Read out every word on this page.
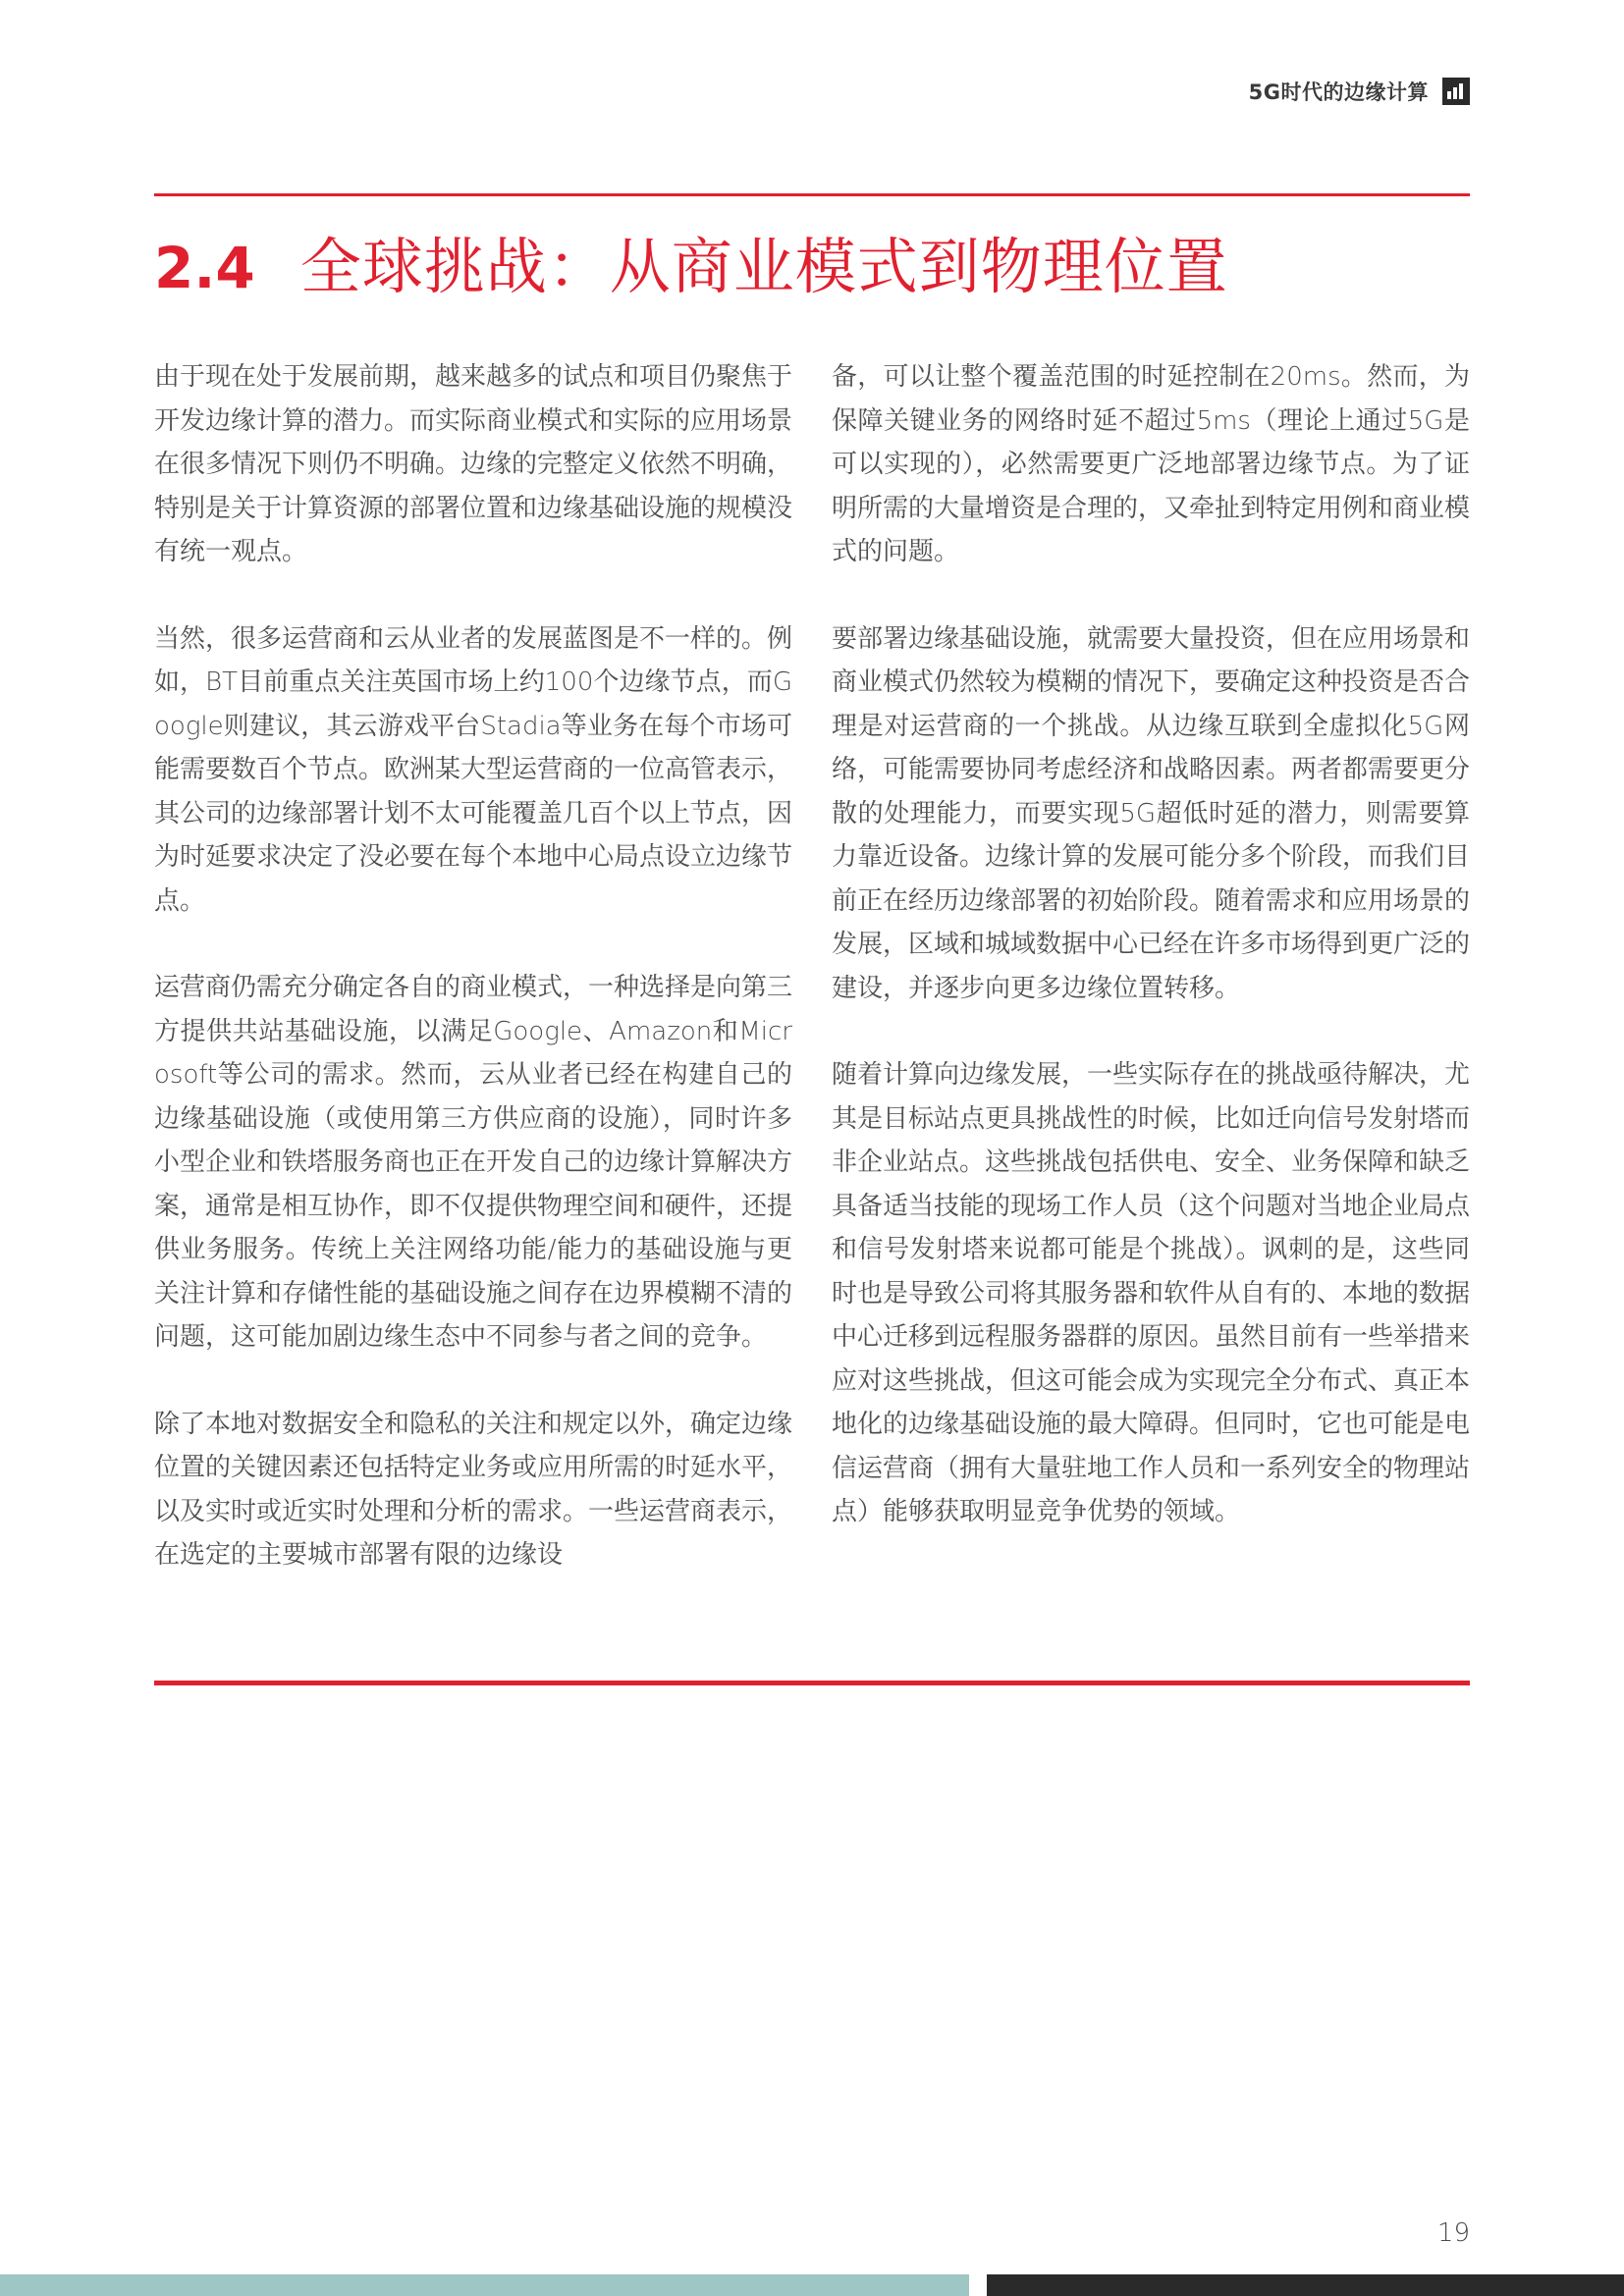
5G时代的边缘计算
2.4 全球挑战：从商业模式到物理位置

由于现在处于发展前期，越来越多的试点和项目仍聚焦于开发边缘计算的潜力。而实际商业模式和实际的应用场景在很多情况下则仍不明确。边缘的完整定义依然不明确，特别是关于计算资源的部署位置和边缘基础设施的规模没有统一观点。

当然，很多运营商和云从业者的发展蓝图是不一样的。例如，BT目前重点关注英国市场上约100个边缘节点，而Google则建议，其云游戏平台Stadia等业务在每个市场可能需要数百个节点。欧洲某大型运营商的一位高管表示，其公司的边缘部署计划不太可能覆盖几百个以上节点，因为时延要求决定了没必要在每个本地中心局点设立边缘节点。

运营商仍需充分确定各自的商业模式，一种选择是向第三方提供共站基础设施，以满足Google、Amazon和Microsoft等公司的需求。然而，云从业者已经在构建自己的边缘基础设施（或使用第三方供应商的设施），同时许多小型企业和铁塔服务商也正在开发自己的边缘计算解决方案，通常是相互协作，即不仅提供物理空间和硬件，还提供业务服务。传统上关注网络功能/能力的基础设施与更关注计算和存储性能的基础设施之间存在边界模糊不清的问题，这可能加剧边缘生态中不同参与者之间的竞争。

除了本地对数据安全和隐私的关注和规定以外，确定边缘位置的关键因素还包括特定业务或应用所需的时延水平，以及实时或近实时处理和分析的需求。一些运营商表示，在选定的主要城市部署有限的边缘设

备，可以让整个覆盖范围的时延控制在20ms。然而，为保障关键业务的网络时延不超过5ms（理论上通过5G是可以实现的），必然需要更广泛地部署边缘节点。为了证明所需的大量增资是合理的，又牵扯到特定用例和商业模式的问题。

要部署边缘基础设施，就需要大量投资，但在应用场景和商业模式仍然较为模糊的情况下，要确定这种投资是否合理是对运营商的一个挑战。从边缘互联到全虚拟化5G网络，可能需要协同考虑经济和战略因素。两者都需要更分散的处理能力，而要实现5G超低时延的潜力，则需要算力靠近设备。边缘计算的发展可能分多个阶段，而我们目前正在经历边缘部署的初始阶段。随着需求和应用场景的发展，区域和城域数据中心已经在许多市场得到更广泛的建设，并逐步向更多边缘位置转移。

随着计算向边缘发展，一些实际存在的挑战亟待解决，尤其是目标站点更具挑战性的时候，比如迁向信号发射塔而非企业站点。这些挑战包括供电、安全、业务保障和缺乏具备适当技能的现场工作人员（这个问题对当地企业局点和信号发射塔来说都可能是个挑战）。讽刺的是，这些同时也是导致公司将其服务器和软件从自有的、本地的数据中心迁移到远程服务器群的原因。虽然目前有一些举措来应对这些挑战，但这可能会成为实现完全分布式、真正本地化的边缘基础设施的最大障碍。但同时，它也可能是电信运营商（拥有大量驻地工作人员和一系列安全的物理站点）能够获取明显竞争优势的领域。

19
